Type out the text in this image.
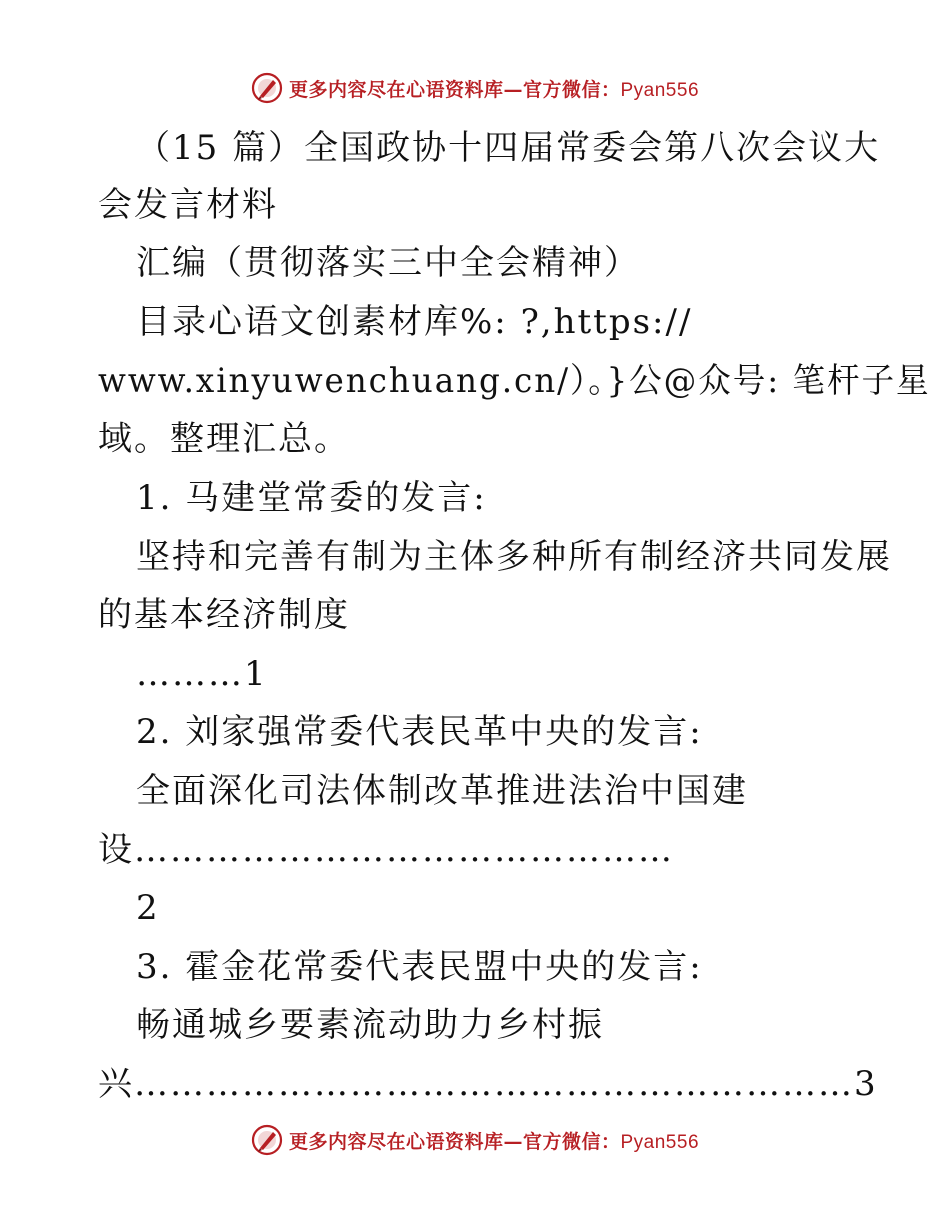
更多内容尽在心语资料库—官方微信：Pyan556
（15 篇）全国政协十四届常委会第八次会议大
会发言材料
汇编（贯彻落实三中全会精神）
目录心语文创素材库%: ?,https://
www.xinyuwenchuang.cn/）。}公@众号: 笔杆子星
域。整理汇总。
1. 马建堂常委的发言:
坚持和完善有制为主体多种所有制经济共同发展
的基本经济制度
………1
2. 刘家强常委代表民革中央的发言:
全面深化司法体制改革推进法治中国建
设………………………………………
2
3. 霍金花常委代表民盟中央的发言:
畅通城乡要素流动助力乡村振
兴……………………………………………………3
更多内容尽在心语资料库—官方微信：Pyan556
